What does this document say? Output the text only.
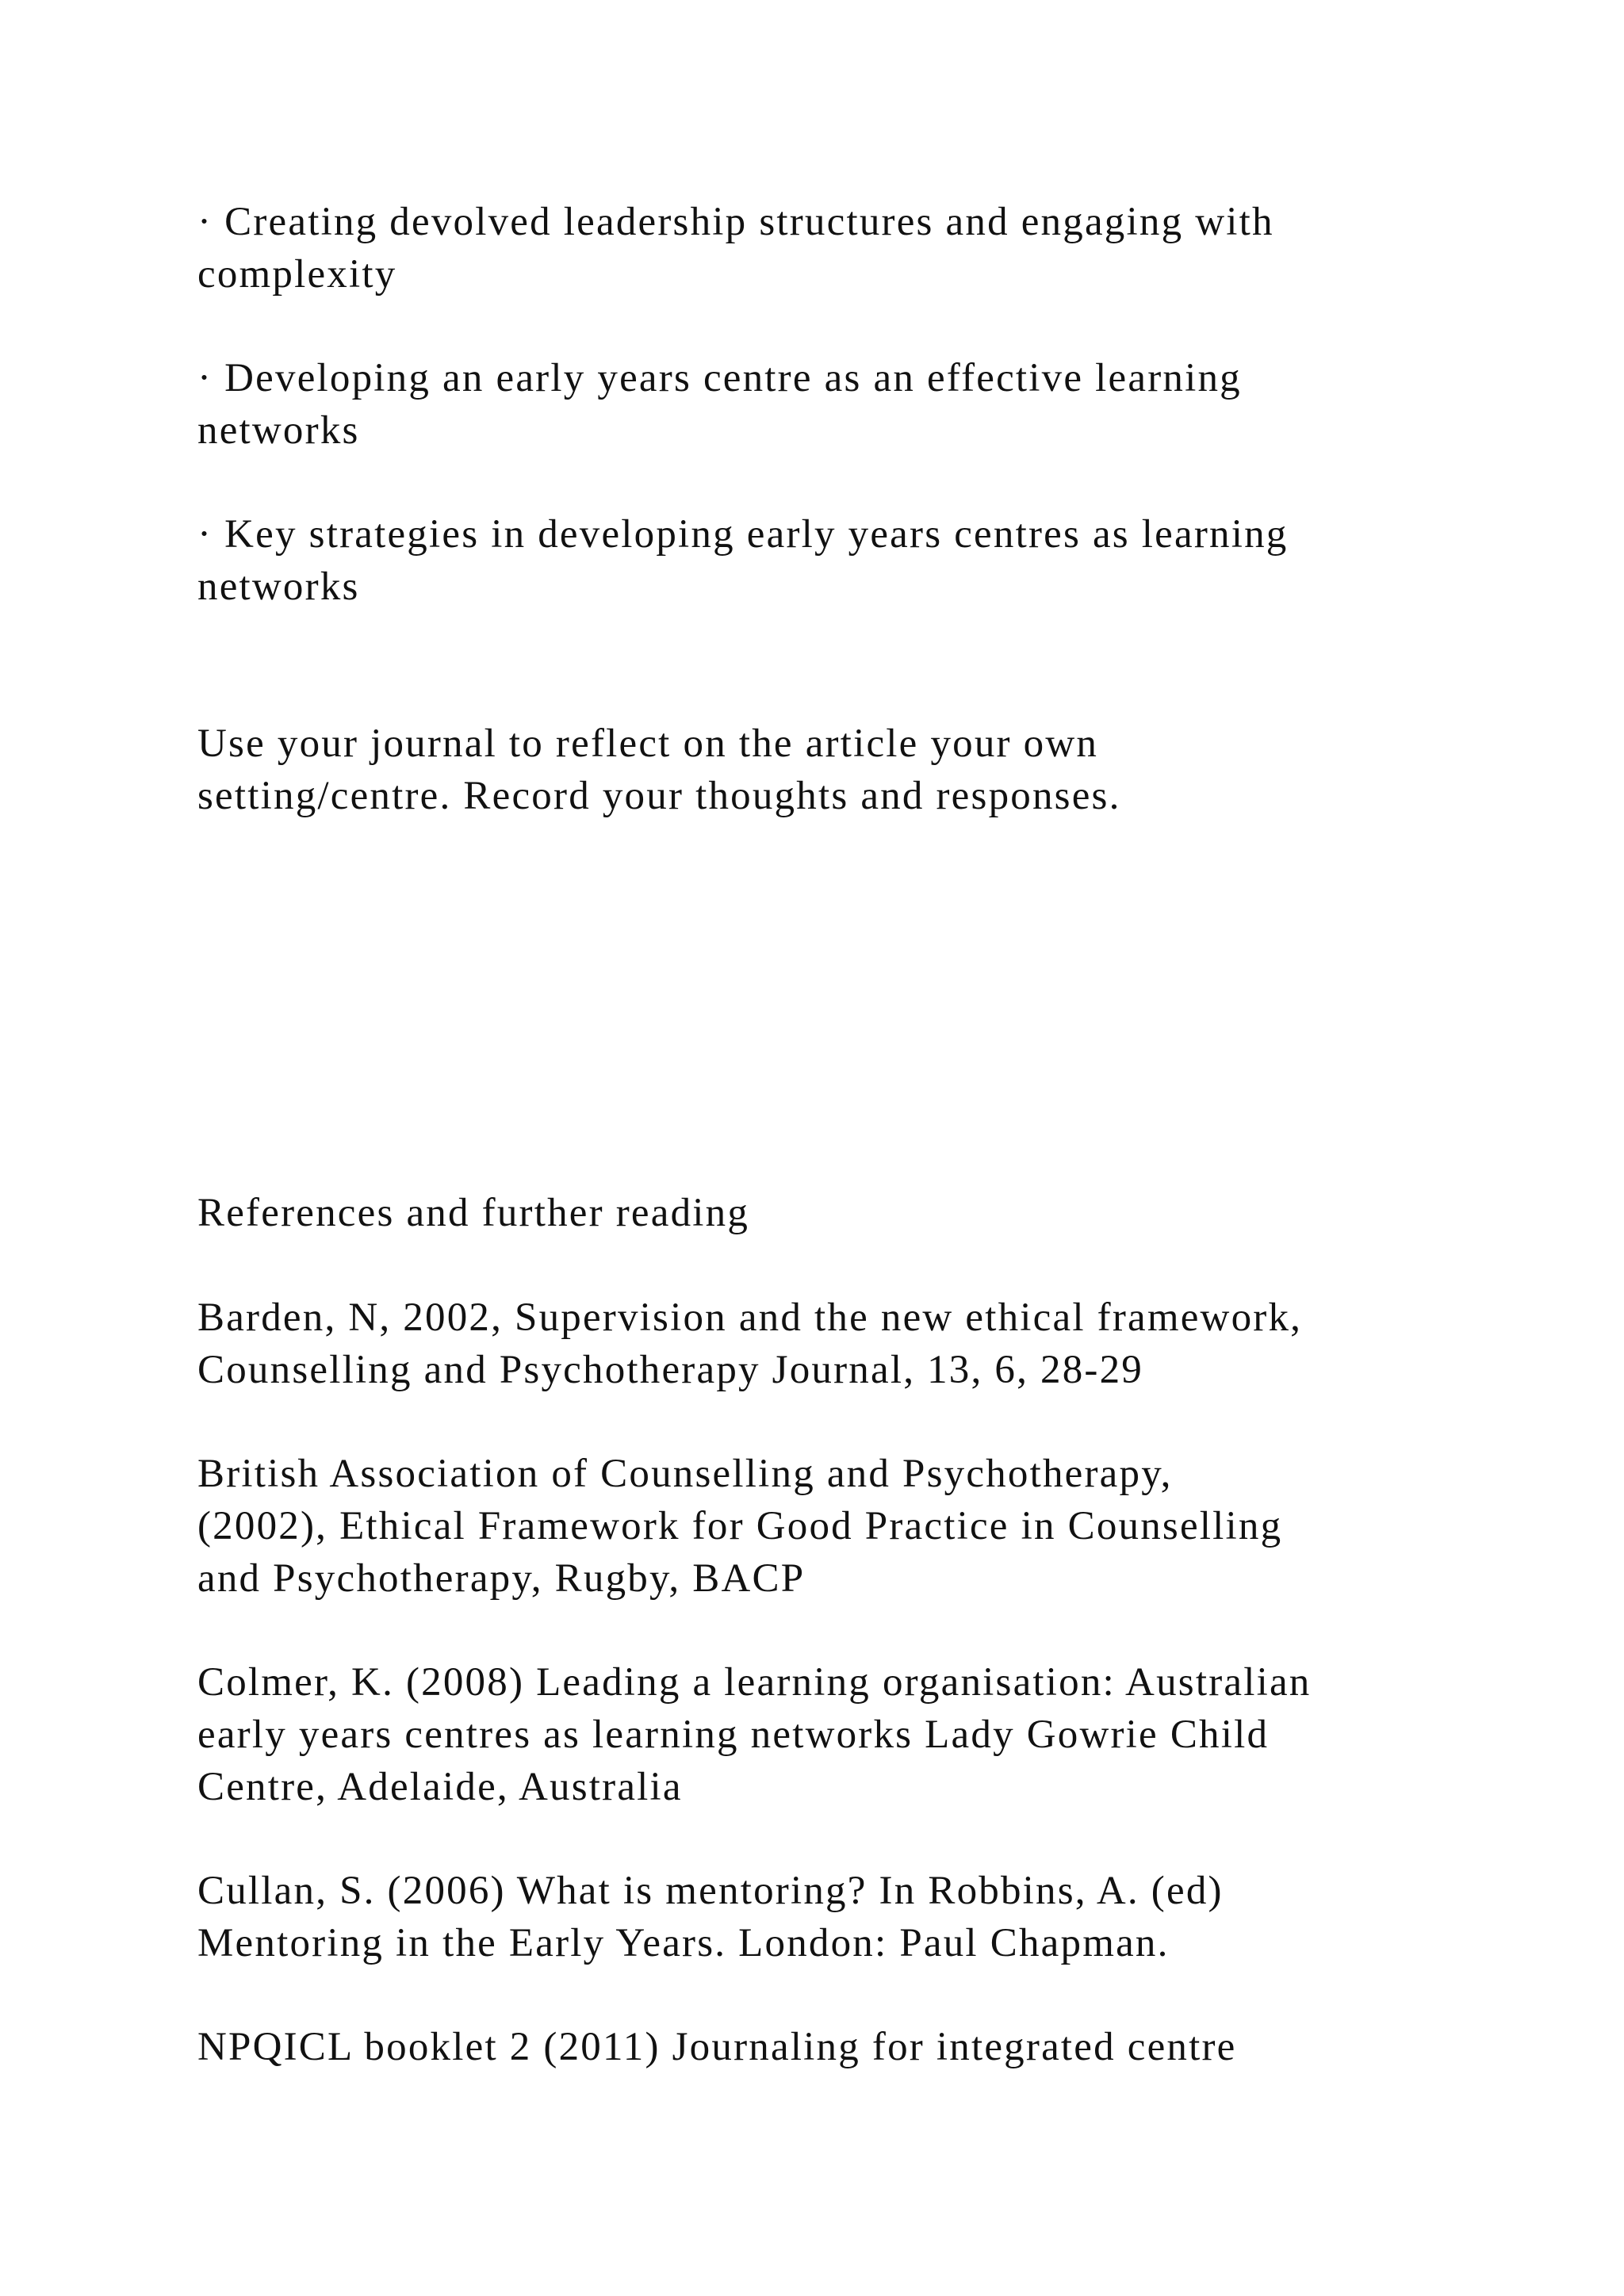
· Creating devolved leadership structures and engaging with
complexity

· Developing an early years centre as an effective learning
networks

· Key strategies in developing early years centres as learning
networks

Use your journal to reflect on the article your own
setting/centre. Record your thoughts and responses.

References and further reading

Barden, N, 2002, Supervision and the new ethical framework,
Counselling and Psychotherapy Journal, 13, 6, 28-29

British Association of Counselling and Psychotherapy,
(2002), Ethical Framework for Good Practice in Counselling
and Psychotherapy, Rugby, BACP

Colmer, K. (2008) Leading a learning organisation: Australian
early years centres as learning networks Lady Gowrie Child
Centre, Adelaide, Australia

Cullan, S. (2006) What is mentoring? In Robbins, A. (ed)
Mentoring in the Early Years. London: Paul Chapman.

NPQICL booklet 2 (2011) Journaling for integrated centre
